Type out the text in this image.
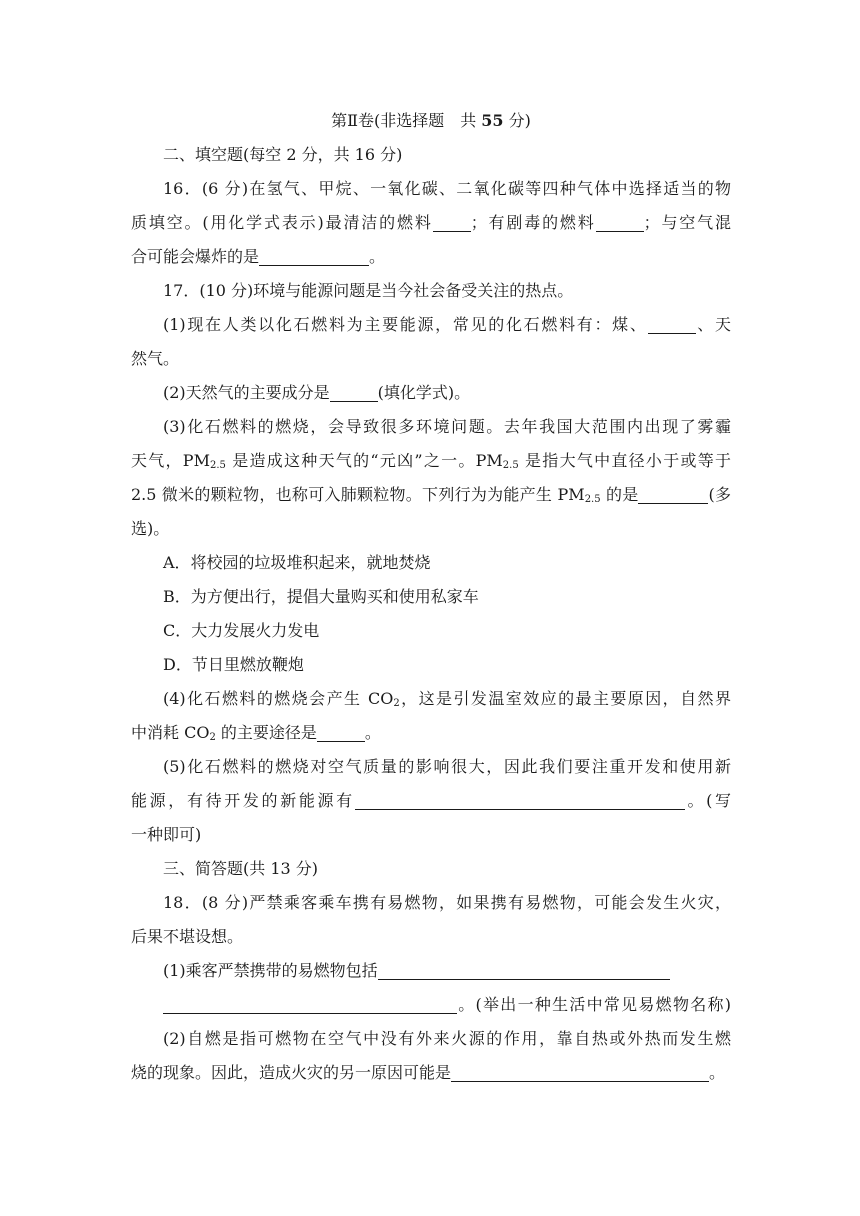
第Ⅱ卷(非选择题　共 55 分)
二、填空题(每空 2 分，共 16 分)
16．(6 分)在氢气、甲烷、一氧化碳、二氧化碳等四种气体中选择适当的物
质填空。(用化学式表示)最清洁的燃料 ；有剧毒的燃料	；与空气混
合可能会爆炸的是	。
17．(10 分)环境与能源问题是当今社会备受关注的热点。
(1)现在人类以化石燃料为主要能源，常见的化石燃料有：煤、	、天
然气。
(2)天然气的主要成分是	(填化学式)。
(3)化石燃料的燃烧，会导致很多环境问题。去年我国大范围内出现了雾霾
天气，$PM_{2.5}$ 是造成这种天气的“元凶”之一。$PM_{2.5}$ 是指大气中直径小于或等于
2.5 微米的颗粒物，也称可入肺颗粒物。下列行为为能产生 $PM_{2.5}$ 的是	(多
选)。
A．将校园的垃圾堆积起来，就地焚烧
B．为方便出行，提倡大量购买和使用私家车
C．大力发展火力发电
D．节日里燃放鞭炮
(4)化石燃料的燃烧会产生 $CO_2$，这是引发温室效应的最主要原因，自然界
中消耗 $CO_2$ 的主要途径是	。
(5)化石燃料的燃烧对空气质量的影响很大，因此我们要注重开发和使用新
能源，有待开发的新能源有	。(写
一种即可)
三、简答题(共 13 分)
18．(8 分)严禁乘客乘车携有易燃物，如果携有易燃物，可能会发生火灾，
后果不堪设想。
(1)乘客严禁携带的易燃物包括
。(举出一种生活中常见易燃物名称)
(2)自燃是指可燃物在空气中没有外来火源的作用，靠自热或外热而发生燃
烧的现象。因此，造成火灾的另一原因可能是	。
